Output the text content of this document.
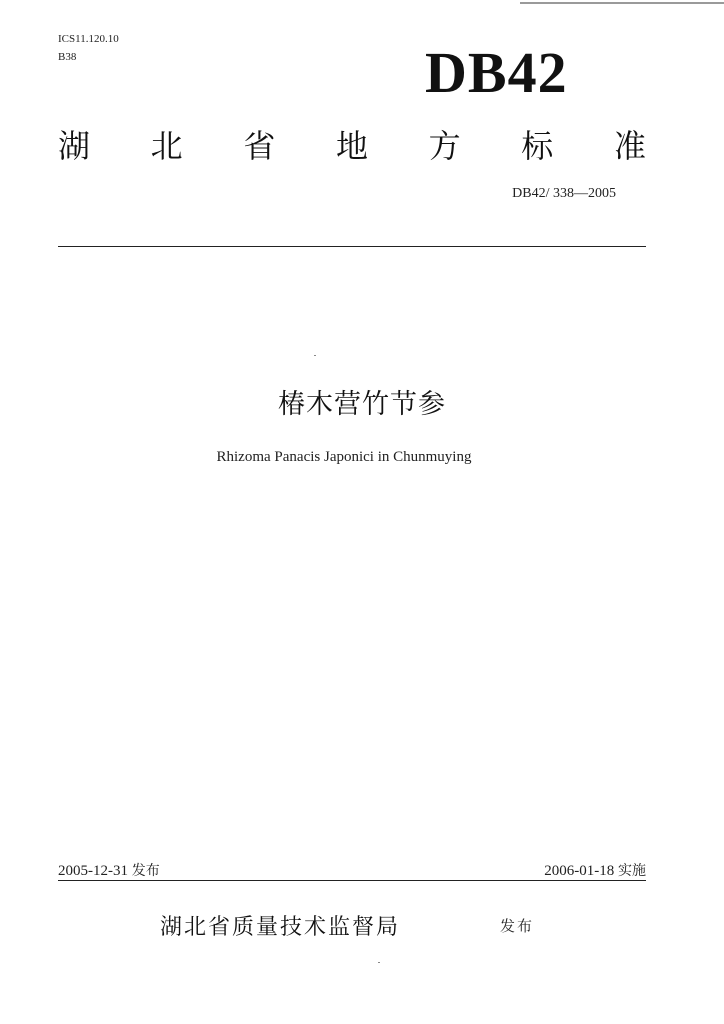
ICS11.120.10
B38	DB42
湖 北 省 地 方 标 准
DB42/ 338—2005
椿木营竹节参
Rhizoma Panacis Japonici in Chunmuying
2005-12-31 发布	2006-01-18 实施
湖北省质量技术监督局	发布
